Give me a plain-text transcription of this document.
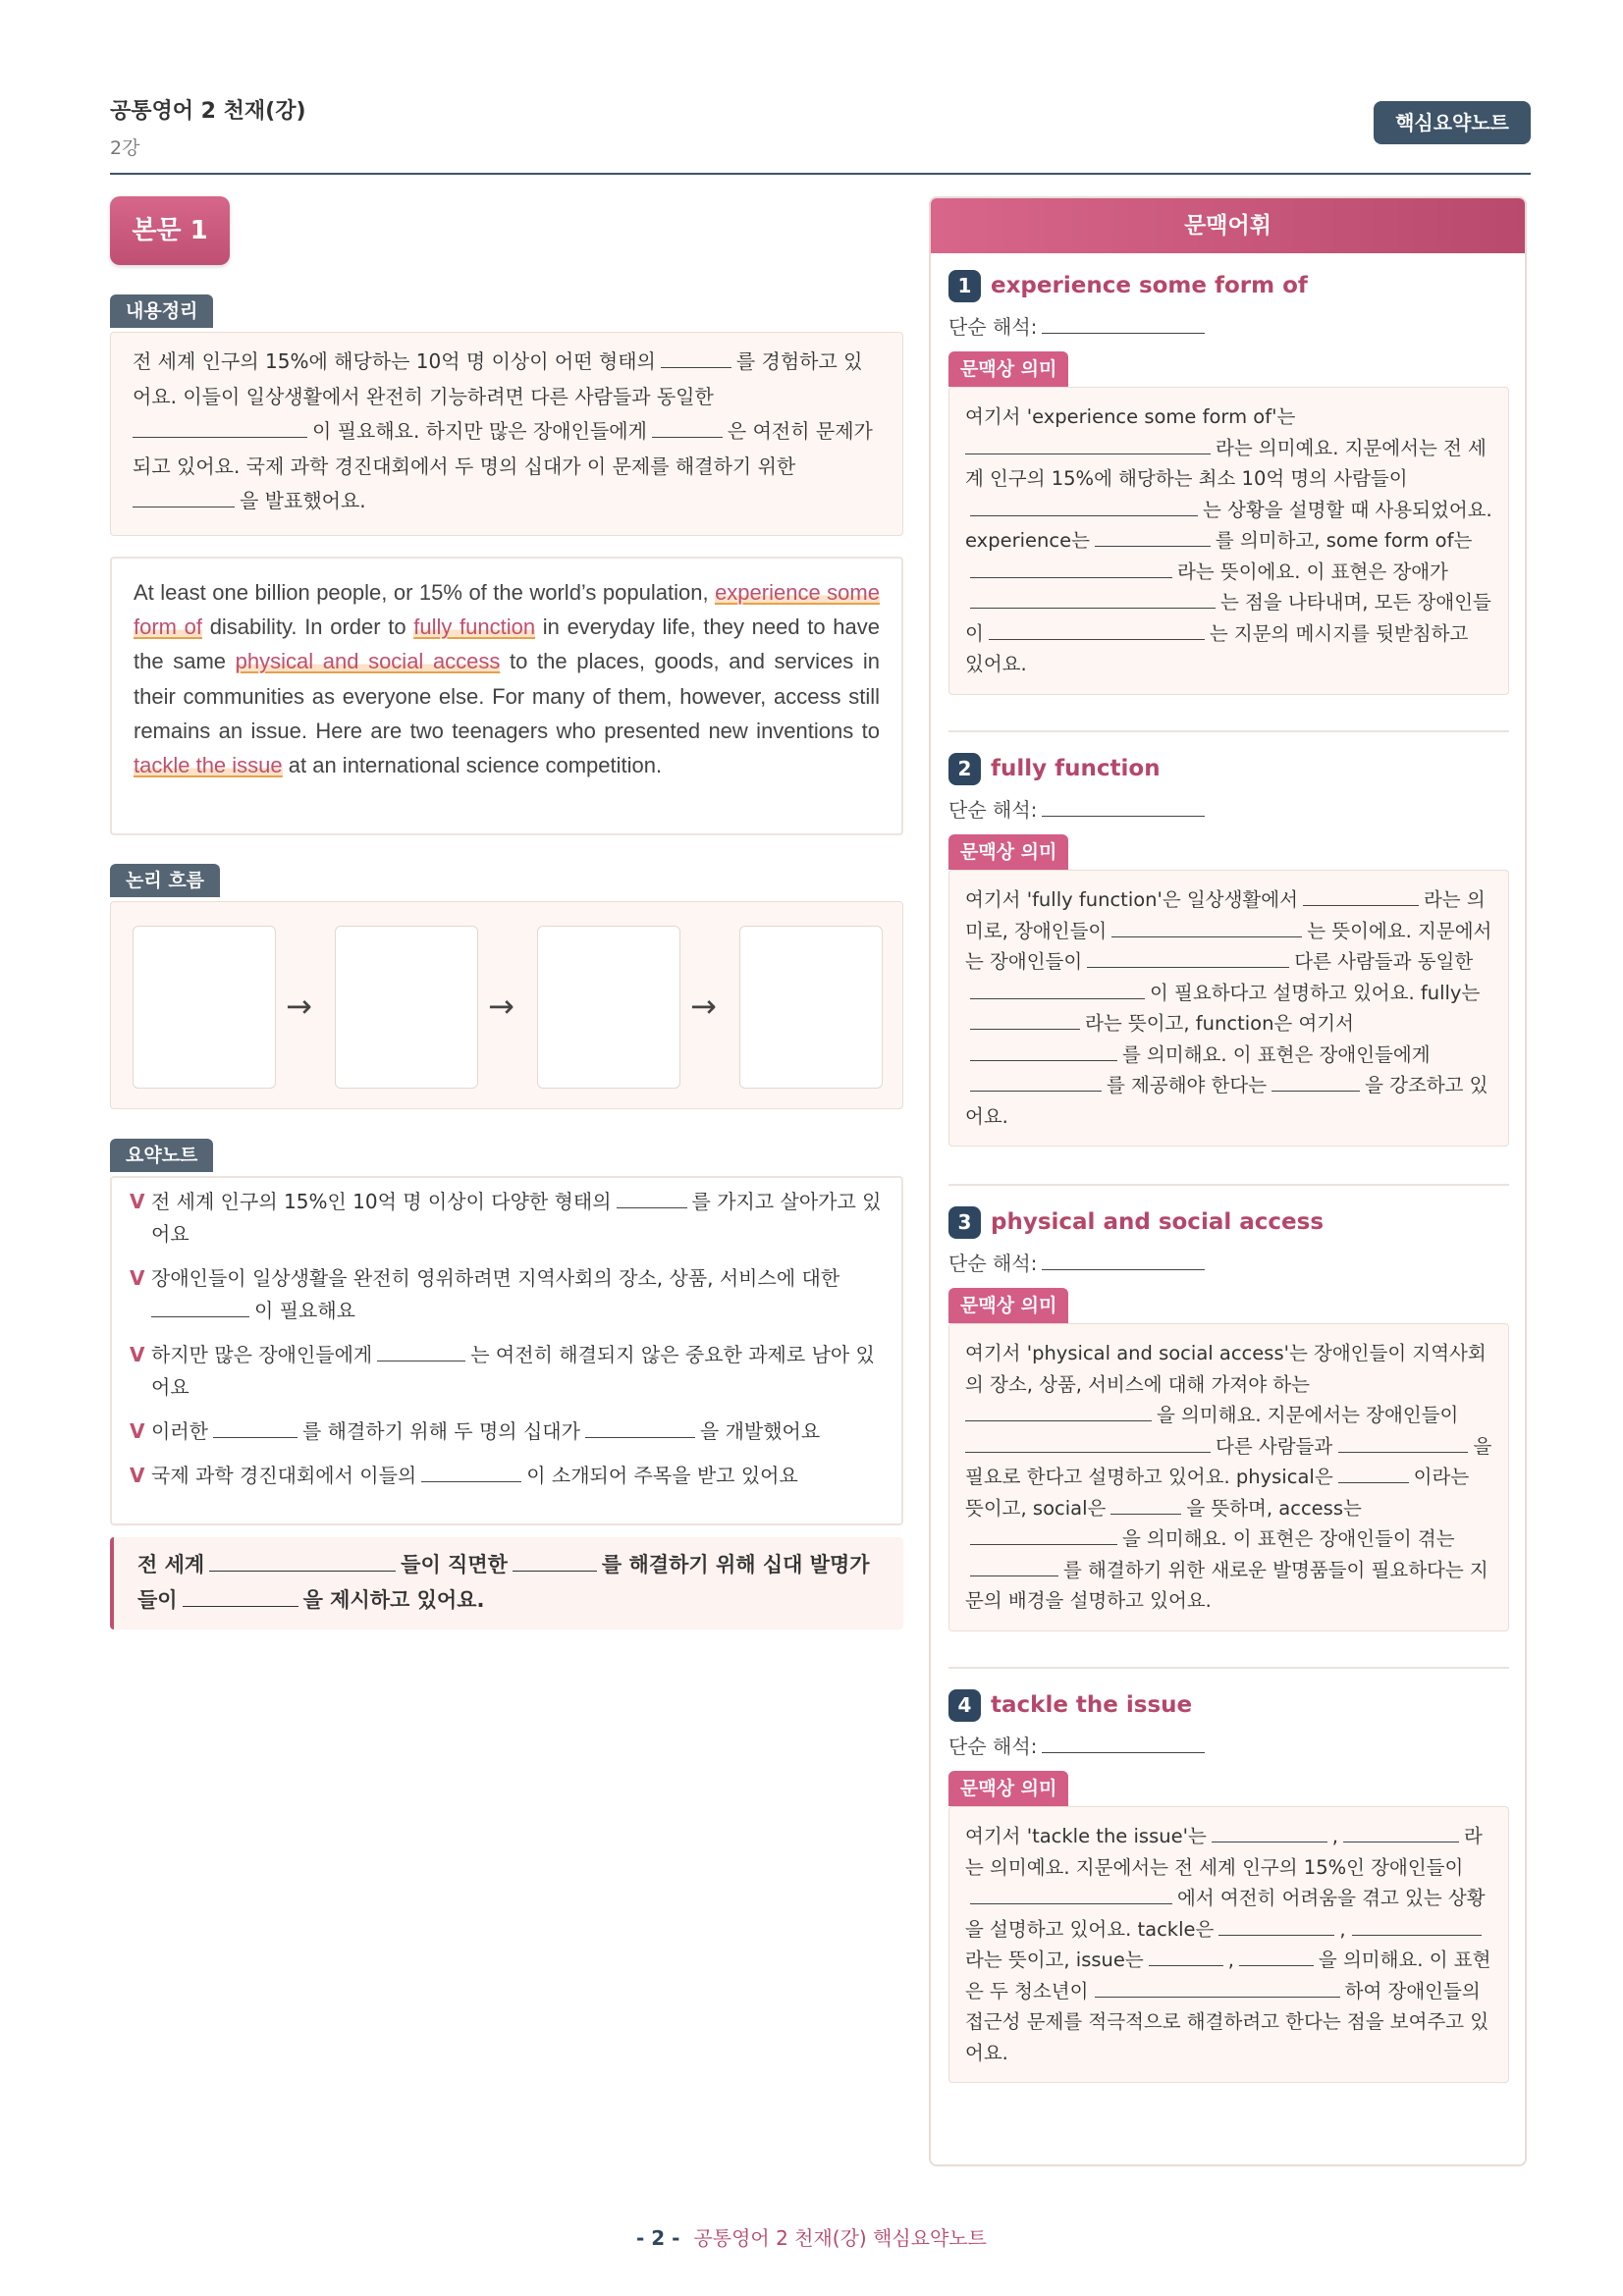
공통영어 2 천재(강)
2강
핵심요약노트
본문 1
내용정리
전 세계 인구의 15%에 해당하는 10억 명 이상이 어떤 형태의	를 경험하고 있어요. 이들이 일상생활에서 완전히 기능하려면 다른 사람들과 동일한 이 필요해요. 하지만 많은 장애인들에게	은 여전히 문제가 되고 있어요. 국제 과학 경진대회에서 두 명의 십대가 이 문제를 해결하기 위한 을 발표했어요.

At least one billion people, or 15% of the world’s population, experience some form of disability. In order to fully function in everyday life, they need to have the same physical and social access to the places, goods, and services in their communities as everyone else. For many of them, however, access still remains an issue. Here are two teenagers who presented new inventions to tackle the issue at an international science competition.

논리 흐름
→	→	→
요약노트
V 전 세계 인구의 15%인 10억 명 이상이 다양한 형태의	를 가지고 살아가고 있어요
V 장애인들이 일상생활을 완전히 영위하려면 지역사회의 장소, 상품, 서비스에 대한 이 필요해요
V 하지만 많은 장애인들에게	는 여전히 해결되지 않은 중요한 과제로 남아 있어요
V 이러한	를 해결하기 위해 두 명의 십대가	을 개발했어요
V 국제 과학 경진대회에서 이들의	이 소개되어 주목을 받고 있어요
전 세계	들이 직면한	를 해결하기 위해 십대 발명가들이	을 제시하고 있어요.
문맥어휘
1 experience some form of
단순 해석:
문맥상 의미
여기서 'experience some form of'는
라는 의미예요. 지문에서는 전 세계 인구의 15%에 해당하는 최소 10억 명의 사람들이는 상황을 설명할 때 사용되었어요. experience는	를 의미하고, some form of는라는 뜻이에요. 이 표현은 장애가는 점을 나타내며, 모든 장애인들이	는 지문의 메시지를 뒷받침하고 있어요.
2 fully function
단순 해석:
문맥상 의미
여기서 'fully function'은 일상생활에서	라는 의미로, 장애인들이	는 뜻이에요. 지문에서는 장애인들이	다른 사람들과 동일한이 필요하다고 설명하고 있어요. fully는라는 뜻이고, function은 여기서를 의미해요. 이 표현은 장애인들에게를 제공해야 한다는	을 강조하고 있어요.
3 physical and social access
단순 해석:
문맥상 의미
여기서 'physical and social access'는 장애인들이 지역사회의 장소, 상품, 서비스에 대해 가져야 하는 을 의미해요. 지문에서는 장애인들이 다른 사람들과	을 필요로 한다고 설명하고 있어요. physical은	이라는 뜻이고, social은	을 뜻하며, access는을 의미해요. 이 표현은 장애인들이 겪는를 해결하기 위한 새로운 발명품들이 필요하다는 지문의 배경을 설명하고 있어요.
4 tackle the issue
단순 해석:
문맥상 의미
여기서 'tackle the issue'는	,	라는 의미예요. 지문에서는 전 세계 인구의 15%인 장애인들이에서 여전히 어려움을 겪고 있는 상황을 설명하고 있어요. tackle은	, 라는 뜻이고, issue는	,	을 의미해요. 이 표현은 두 청소년이	하여 장애인들의 접근성 문제를 적극적으로 해결하려고 한다는 점을 보여주고 있어요.
- 2 - 공통영어 2 천재(강) 핵심요약노트
